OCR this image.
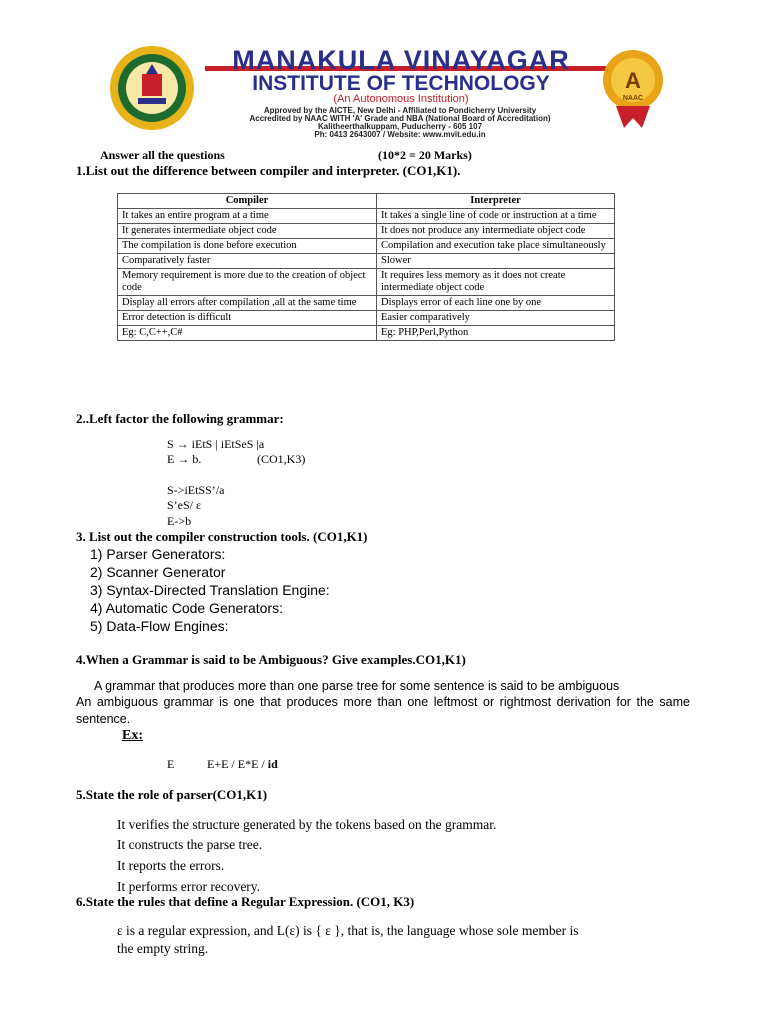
MANAKULA VINAYAGAR
INSTITUTE OF TECHNOLOGY
(An Autonomous Institution)
Approved by the AICTE, New Delhi - Affiliated to Pondicherry University
Accredited by NAAC WITH 'A' Grade and NBA (National Board of Accreditation)
Kalitheerthalkuppam, Puducherry - 605 107
Ph: 0413 2643007 / Website: www.mvit.edu.in
A
NAAC
Answer all the questions	(10*2 = 20 Marks)
1.List out the difference between compiler and interpreter. (CO1,K1).
Compiler	Interpreter
It takes an entire program at a time	It takes a single line of code or instruction at a time
It generates intermediate object code	It does not produce any intermediate object code
The compilation is done before execution	Compilation and execution take place simultaneously
Comparatively faster	Slower
Memory requirement is more due to the creation of object code	It requires less memory as it does not create intermediate object code
Display all errors after compilation ,all at the same time	Displays error of each line one by one
Error detection is difficult	Easier comparatively
Eg: C,C++,C#	Eg: PHP,Perl,Python
2..Left factor the following grammar:
S → iEtS | iEtSeS |a
E → b.	(CO1,K3)
S->iEtSS’/a
S’eS/ ε
E->b
3. List out the compiler construction tools. (CO1,K1)
1) Parser Generators:
2) Scanner Generator
3) Syntax-Directed Translation Engine:
4) Automatic Code Generators:
5) Data-Flow Engines:
4.When a Grammar is said to be Ambiguous? Give examples.CO1,K1)
A grammar that produces more than one parse tree for some sentence is said to be ambiguous
An ambiguous grammar is one that produces more than one leftmost or rightmost derivation for the same sentence.
Ex:
E	E+E / E*E / id
5.State the role of parser(CO1,K1)
It verifies the structure generated by the tokens based on the grammar.
It constructs the parse tree.
It reports the errors.
It performs error recovery.
6.State the rules that define a Regular Expression. (CO1, K3)
ε is a regular expression, and L(ε) is { ε }, that is, the language whose sole member is
the empty string.
